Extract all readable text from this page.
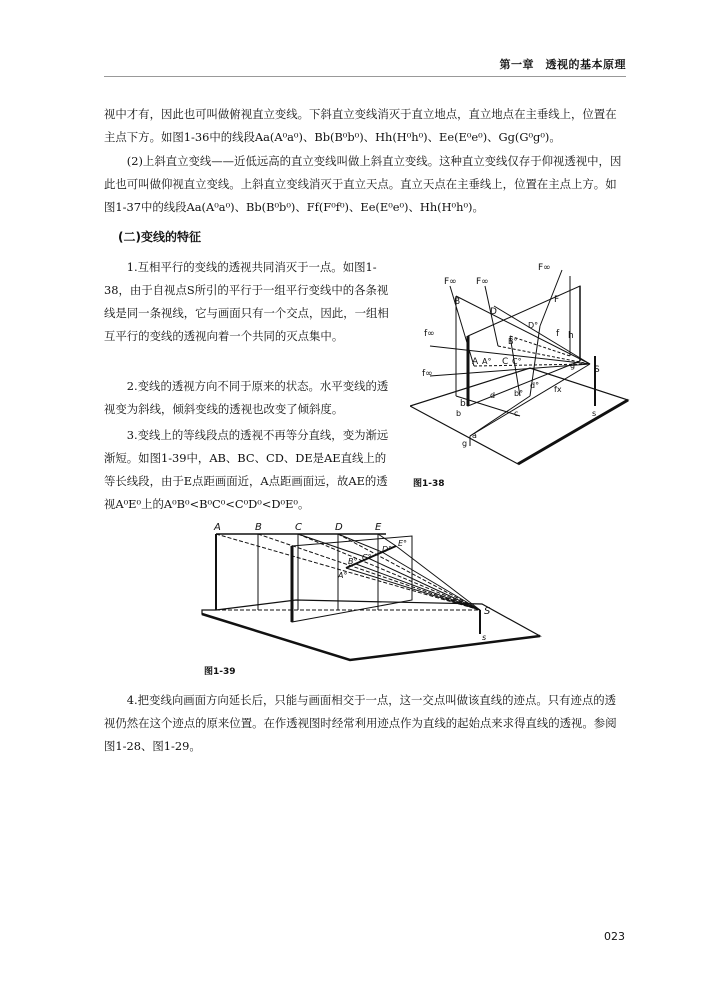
第一章　透视的基本原理

视中才有，因此也可叫做俯视直立变线。下斜直立变线消灭于直立地点，直立地点在主垂线上，位置在主点下方。如图1-36中的线段Aa(A⁰a⁰)、Bb(B⁰b⁰)、Hh(H⁰h⁰)、Ee(E⁰e⁰)、Gg(G⁰g⁰)。

(2)上斜直立变线——近低远高的直立变线叫做上斜直立变线。这种直立变线仅存于仰视透视中，因此也可叫做仰视直立变线。上斜直立变线消灭于直立天点。直立天点在主垂线上，位置在主点上方。如图1-37中的线段Aa(A⁰a⁰)、Bb(B⁰b⁰)、Ff(F⁰f⁰)、Ee(E⁰e⁰)、Hh(H⁰h⁰)。

(二)变线的特征

1.互相平行的变线的透视共同消灭于一点。如图1-38，由于自视点S所引的平行于一组平行变线中的各条视线是同一条视线，它与画面只有一个交点，因此，一组相互平行的变线的透视向着一个共同的灭点集中。

2.变线的透视方向不同于原来的状态。水平变线的透视变为斜线，倾斜变线的透视也改变了倾斜度。

3.变线上的等线段点的透视不再等分直线，变为渐远渐短。如图1-39中，AB、BC、CD、DE是AE直线上的等长线段，由于E点距画面近，A点距画面远，故AE的透视A⁰E⁰上的A⁰B⁰<B⁰C⁰<C⁰D⁰<D⁰E⁰。

F∞ F∞
F∞
B
D
F
D°
B°
f∞	f h
A A° C C°
f∞	S
g
b
d b°
d° fx
s
b	c
g
a
图1-38
A	B	C	D	E
E°
D°
C°
B°
A°
S
s
图1-39

4.把变线向画面方向延长后，只能与画面相交于一点，这一交点叫做该直线的迹点。只有迹点的透视仍然在这个迹点的原来位置。在作透视图时经常利用迹点作为直线的起始点来求得直线的透视。参阅图1-28、图1-29。

023
